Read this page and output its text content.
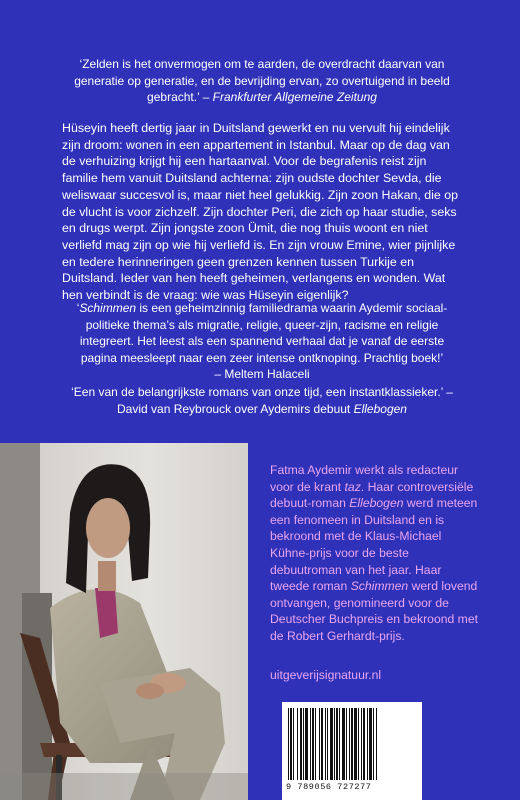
‘Zelden is het onvermogen om te aarden, de overdracht daarvan van generatie op generatie, en de bevrijding ervan, zo overtuigend in beeld gebracht.’ – Frankfurter Allgemeine Zeitung

Hüseyin heeft dertig jaar in Duitsland gewerkt en nu vervult hij eindelijk zijn droom: wonen in een appartement in Istanbul. Maar op de dag van de verhuizing krijgt hij een hartaanval. Voor de begrafenis reist zijn familie hem vanuit Duitsland achterna: zijn oudste dochter Sevda, die weliswaar succesvol is, maar niet heel gelukkig. Zijn zoon Hakan, die op de vlucht is voor zichzelf. Zijn dochter Peri, die zich op haar studie, seks en drugs werpt. Zijn jongste zoon Ümit, die nog thuis woont en niet verliefd mag zijn op wie hij verliefd is. En zijn vrouw Emine, wier pijnlijke en tedere herinneringen geen grenzen kennen tussen Turkije en Duitsland. Ieder van hen heeft geheimen, verlangens en wonden. Wat hen verbindt is de vraag: wie was Hüseyin eigenlijk?

‘Schimmen is een geheimzinnig familiedrama waarin Aydemir sociaal-politieke thema’s als migratie, religie, queer-zijn, racisme en religie integreert. Het leest als een spannend verhaal dat je vanaf de eerste pagina meesleept naar een zeer intense ontknoping. Prachtig boek!’
– Meltem Halaceli
‘Een van de belangrijkste romans van onze tijd, een instantklassieker.’ – David van Reybrouck over Aydemirs debuut Ellebogen
Fatma Aydemir werkt als redacteur voor de krant taz. Haar controversiële debuut-roman Ellebogen werd meteen een fenomeen in Duitsland en is bekroond met de Klaus-Michael Kühne-prijs voor de beste debuutroman van het jaar. Haar tweede roman Schimmen werd lovend ontvangen, genomineerd voor de Deutscher Buchpreis en bekroond met de Robert Gerhardt-prijs.
uitgeverijsignatuur.nl
9 789056 727277
